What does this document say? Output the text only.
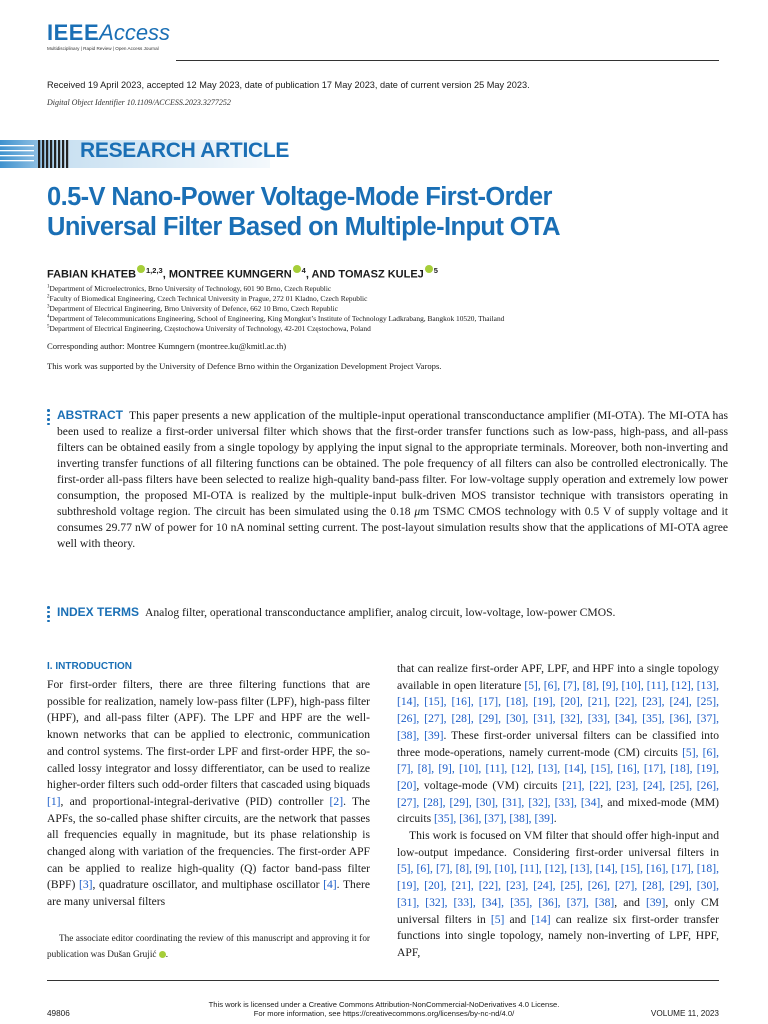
IEEEAccess
Multidisciplinary | Rapid Review | Open Access Journal
Received 19 April 2023, accepted 12 May 2023, date of publication 17 May 2023, date of current version 25 May 2023.
Digital Object Identifier 10.1109/ACCESS.2023.3277252
RESEARCH ARTICLE
0.5-V Nano-Power Voltage-Mode First-Order
Universal Filter Based on Multiple-Input OTA
FABIAN KHATEB $^{1,2,3}$, MONTREE KUMNGERN $^4$, AND TOMASZ KULEJ $^5$
$^1$Department of Microelectronics, Brno University of Technology, 601 90 Brno, Czech Republic
$^2$Faculty of Biomedical Engineering, Czech Technical University in Prague, 272 01 Kladno, Czech Republic
$^3$Department of Electrical Engineering, Brno University of Defence, 662 10 Brno, Czech Republic
$^4$Department of Telecommunications Engineering, School of Engineering, King Mongkut’s Institute of Technology Ladkrabang, Bangkok 10520, Thailand
$^5$Department of Electrical Engineering, Częstochowa University of Technology, 42-201 Częstochowa, Poland
Corresponding author: Montree Kumngern (montree.ku@kmitl.ac.th)
This work was supported by the University of Defence Brno within the Organization Development Project Varops.
ABSTRACT This paper presents a new application of the multiple-input operational transconductance amplifier (MI-OTA). The MI-OTA has been used to realize a first-order universal filter which shows that the first-order transfer functions such as low-pass, high-pass, and all-pass filters can be obtained easily from a single topology by applying the input signal to the appropriate terminals. Moreover, both non-inverting and inverting transfer functions of all filtering functions can be obtained. The pole frequency of all filters can also be controlled electronically. The first-order all-pass filters have been selected to realize high-quality band-pass filter. For low-voltage supply operation and extremely low power consumption, the proposed MI-OTA is realized by the multiple-input bulk-driven MOS transistor technique with transistors operating in subthreshold voltage region. The circuit has been simulated using the 0.18 μm TSMC CMOS technology with 0.5 V of supply voltage and it consumes 29.77 nW of power for 10 nA nominal setting current. The post-layout simulation results show that the applications of MI-OTA agree well with theory.
INDEX TERMS Analog filter, operational transconductance amplifier, analog circuit, low-voltage, low-power CMOS.
I. INTRODUCTION
For first-order filters, there are three filtering functions that are possible for realization, namely low-pass filter (LPF), high-pass filter (HPF), and all-pass filter (APF). The LPF and HPF are the well-known networks that can be applied to electronic, communication and control systems. The first-order LPF and first-order HPF, the so-called lossy integrator and lossy differentiator, can be used to realize higher-order filters such odd-order filters that cascaded using biquads [1], and proportional-integral-derivative (PID) controller [2]. The APFs, the so-called phase shifter circuits, are the network that passes all frequencies equally in magnitude, but its phase relationship is changed along with variation of the frequencies. The first-order APF can be applied to realize high-quality (Q) factor band-pass filter (BPF) [3], quadrature oscillator, and multiphase oscillator [4]. There are many universal filters
that can realize first-order APF, LPF, and HPF into a single topology available in open literature [5], [6], [7], [8], [9], [10], [11], [12], [13], [14], [15], [16], [17], [18], [19], [20], [21], [22], [23], [24], [25], [26], [27], [28], [29], [30], [31], [32], [33], [34], [35], [36], [37], [38], [39]. These first-order universal filters can be classified into three mode-operations, namely current-mode (CM) circuits [5], [6], [7], [8], [9], [10], [11], [12], [13], [14], [15], [16], [17], [18], [19], [20], voltage-mode (VM) circuits [21], [22], [23], [24], [25], [26], [27], [28], [29], [30], [31], [32], [33], [34], and mixed-mode (MM) circuits [35], [36], [37], [38], [39].
This work is focused on VM filter that should offer high-input and low-output impedance. Considering first-order universal filters in [5], [6], [7], [8], [9], [10], [11], [12], [13], [14], [15], [16], [17], [18], [19], [20], [21], [22], [23], [24], [25], [26], [27], [28], [29], [30], [31], [32], [33], [34], [35], [36], [37], [38], and [39], only CM universal filters in [5] and [14] can realize six first-order transfer functions into single topology, namely non-inverting of LPF, HPF, APF,
The associate editor coordinating the review of this manuscript and approving it for publication was Dušan Grujić .
This work is licensed under a Creative Commons Attribution-NonCommercial-NoDerivatives 4.0 License.
For more information, see https://creativecommons.org/licenses/by-nc-nd/4.0/
49806	VOLUME 11, 2023
